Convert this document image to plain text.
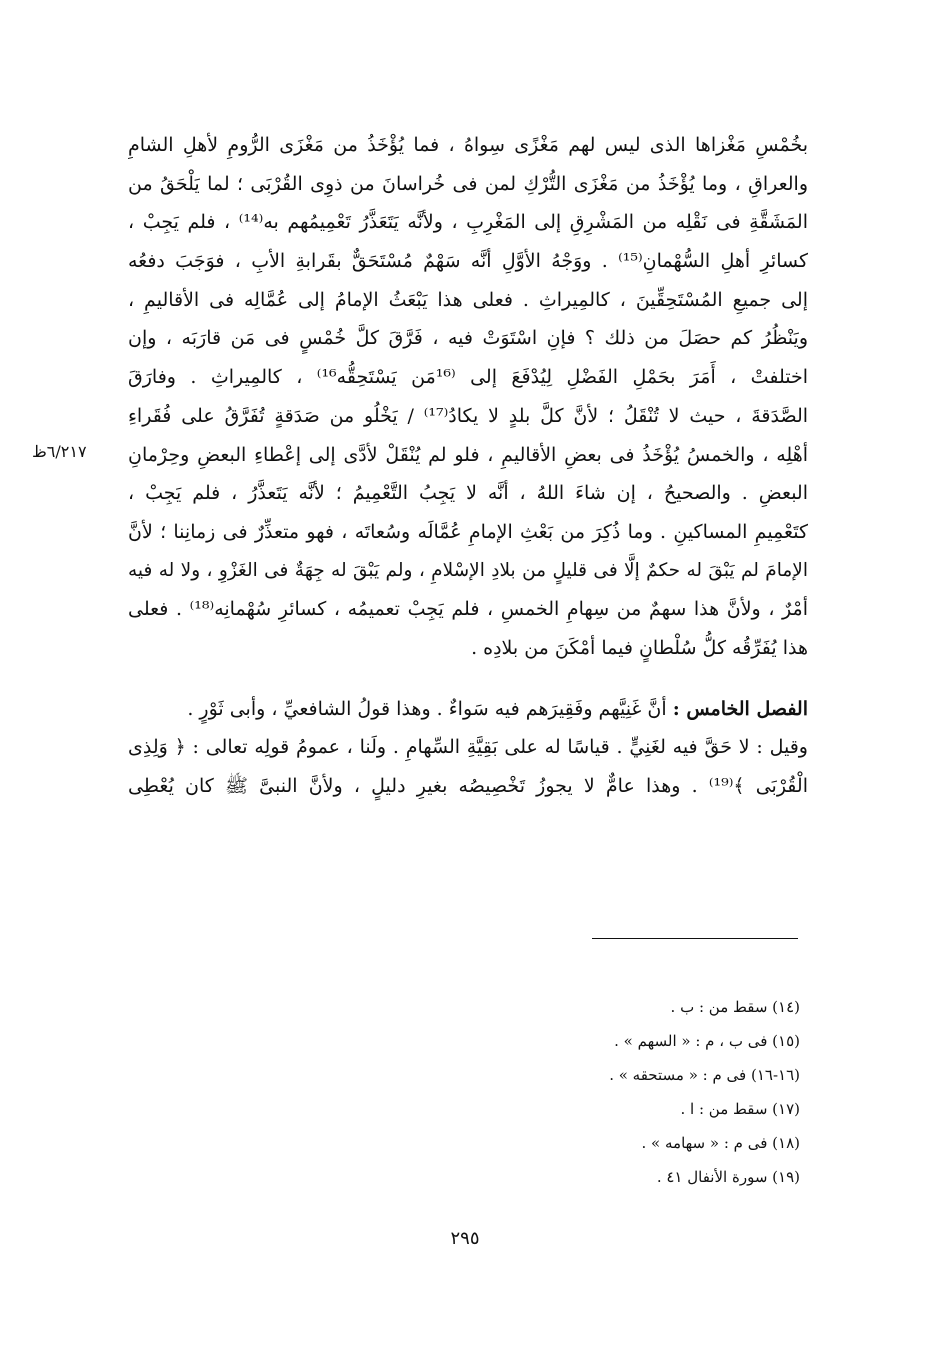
بخُمْسِ مَغْزاها الذى ليس لهم مَغْزًى سِواهُ ، فما يُؤْخَذُ من مَغْزَى الرُّومِ لأهلِ الشامِ
والعراقِ ، وما يُؤْخَذُ من مَغْزَى التُّرْكِ لمن فى خُراسانَ من ذوِى القُرْبَى ؛ لما يَلْحَقُ من
المَشَقَّةِ فى نَقْلِه من المَشْرِقِ إلى المَغْرِبِ ، ولأنَّه يَتَعَذَّرُ تَعْمِيمُهم به⁽¹⁴⁾ ، فلم يَجِبْ ،
كسائرِ أهلِ السُّهْمانِ⁽¹⁵⁾ . ووَجْهُ الأوَّلِ أنَّه سَهْمٌ مُسْتَحَقٌّ بقَرابةِ الأبِ ، فوَجَبَ دفعُه
إلى جميعِ المُسْتَحِقِّينَ ، كالمِيراثِ . فعلى هذا يَبْعَثُ الإمامُ إلى عُمَّالِه فى الأقاليمِ ،
ويَنْظُرُ كم حصَلَ من ذلك ؟ فإنِ اسْتَوَتْ فيه ، فَرَّقَ كلَّ خُمْسٍ فى مَن قارَبَه ، وإن
اختلفتْ ، أَمَرَ بحَمْلِ الفَضْلِ لِيُدْفَعَ إلى ⁽¹⁶مَن يَسْتَحِقُّه¹⁶⁾ ، كالمِيراثِ . وفارَقَ
الصَّدَقةَ ، حيث لا تُنْقَلُ ؛ لأنَّ كلَّ بلدٍ لا يكادُ⁽¹⁷⁾ / يَخْلُو من صَدَقةٍ تُفَرَّقُ على فُقَراءِ
أهْلِه ، والخمسُ يُؤْخَذُ فى بعضِ الأقاليمِ ، فلو لم يُنْقَلْ لأدَّى إلى إعْطاءِ البعضِ وحِرْمانِ
البعضِ . والصحيحُ ، إن شاءَ اللهُ ، أنَّه لا يَجِبُ التَّعْمِيمُ ؛ لأنَّه يَتَعذَّرُ ، فلم يَجِبْ ،
كتَعْمِيمِ المساكينِ . وما ذُكِرَ من بَعْثِ الإمامِ عُمَّالَه وسُعاتَه ، فهو متعذِّرٌ فى زمانِنا ؛ لأنَّ
الإمامَ لم يَبْقَ له حكمٌ إلَّا فى قليلٍ من بلادِ الإسْلامِ ، ولم يَبْقَ له جِهَةٌ فى الغَزْوِ ، ولا له فيه
أمْرٌ ، ولأنَّ هذا سهمٌ من سِهامِ الخمسِ ، فلم يَجِبْ تعميمُه ، كسائرِ سُهْمانِه⁽¹⁸⁾ . فعلى
هذا يُفَرِّقُه كلُّ سُلْطانٍ فيما أمْكَنَ من بلادِه .

الفصل الخامس : أنَّ غَنِيَّهم وفَقِيرَهم فيه سَواءٌ . وهذا قولُ الشافعيِّ ، وأبى ثَوْرٍ .
وقيل : لا حَقَّ فيه لغَنِيٍّ . قياسًا له على بَقِيَّةِ السِّهامِ . ولَنا ، عمومُ قولِه تعالى : ﴿ وَلِذِى
الْقُرْبَى ﴾⁽¹⁹⁾ . وهذا عامٌّ لا يجوزُ تَخْصِيصُه بغيرِ دليلٍ ، ولأنَّ النبىَّ ﷺ كان يُعْطِى

٦/٢١٧ظ
(١٤) سقط من : ب .
(١٥) فى ب ، م : « السهم » .
(١٦-١٦) فى م : « مستحقه » .
(١٧) سقط من : ا .
(١٨) فى م : « سهامه » .
(١٩) سورة الأنفال ٤١ .
٢٩٥
